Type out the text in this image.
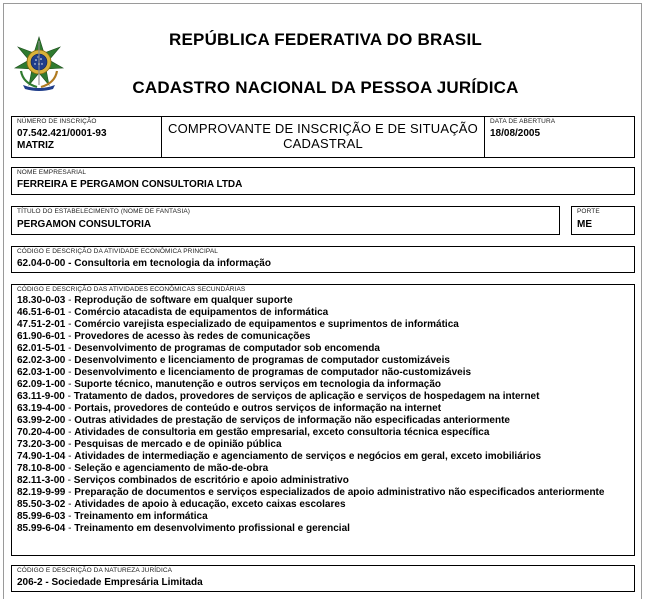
REPÚBLICA FEDERATIVA DO BRASIL
CADASTRO NACIONAL DA PESSOA JURÍDICA
NÚMERO DE INSCRIÇÃO
07.542.421/0001-93
MATRIZ
COMPROVANTE DE INSCRIÇÃO E DE SITUAÇÃO
CADASTRAL
DATA DE ABERTURA
18/08/2005
NOME EMPRESARIAL
FERREIRA E PERGAMON CONSULTORIA LTDA
TÍTULO DO ESTABELECIMENTO (NOME DE FANTASIA)
PERGAMON CONSULTORIA
PORTE
ME
CÓDIGO E DESCRIÇÃO DA ATIVIDADE ECONÔMICA PRINCIPAL
62.04-0-00 - Consultoria em tecnologia da informação
CÓDIGO E DESCRIÇÃO DAS ATIVIDADES ECONÔMICAS SECUNDÁRIAS
18.30-0-03 - Reprodução de software em qualquer suporte
46.51-6-01 - Comércio atacadista de equipamentos de informática
47.51-2-01 - Comércio varejista especializado de equipamentos e suprimentos de informática
61.90-6-01 - Provedores de acesso às redes de comunicações
62.01-5-01 - Desenvolvimento de programas de computador sob encomenda
62.02-3-00 - Desenvolvimento e licenciamento de programas de computador customizáveis
62.03-1-00 - Desenvolvimento e licenciamento de programas de computador não-customizáveis
62.09-1-00 - Suporte técnico, manutenção e outros serviços em tecnologia da informação
63.11-9-00 - Tratamento de dados, provedores de serviços de aplicação e serviços de hospedagem na internet
63.19-4-00 - Portais, provedores de conteúdo e outros serviços de informação na internet
63.99-2-00 - Outras atividades de prestação de serviços de informação não especificadas anteriormente
70.20-4-00 - Atividades de consultoria em gestão empresarial, exceto consultoria técnica específica
73.20-3-00 - Pesquisas de mercado e de opinião pública
74.90-1-04 - Atividades de intermediação e agenciamento de serviços e negócios em geral, exceto imobiliários
78.10-8-00 - Seleção e agenciamento de mão-de-obra
82.11-3-00 - Serviços combinados de escritório e apoio administrativo
82.19-9-99 - Preparação de documentos e serviços especializados de apoio administrativo não especificados anteriormente
85.50-3-02 - Atividades de apoio à educação, exceto caixas escolares
85.99-6-03 - Treinamento em informática
85.99-6-04 - Treinamento em desenvolvimento profissional e gerencial
CÓDIGO E DESCRIÇÃO DA NATUREZA JURÍDICA
206-2 - Sociedade Empresária Limitada
